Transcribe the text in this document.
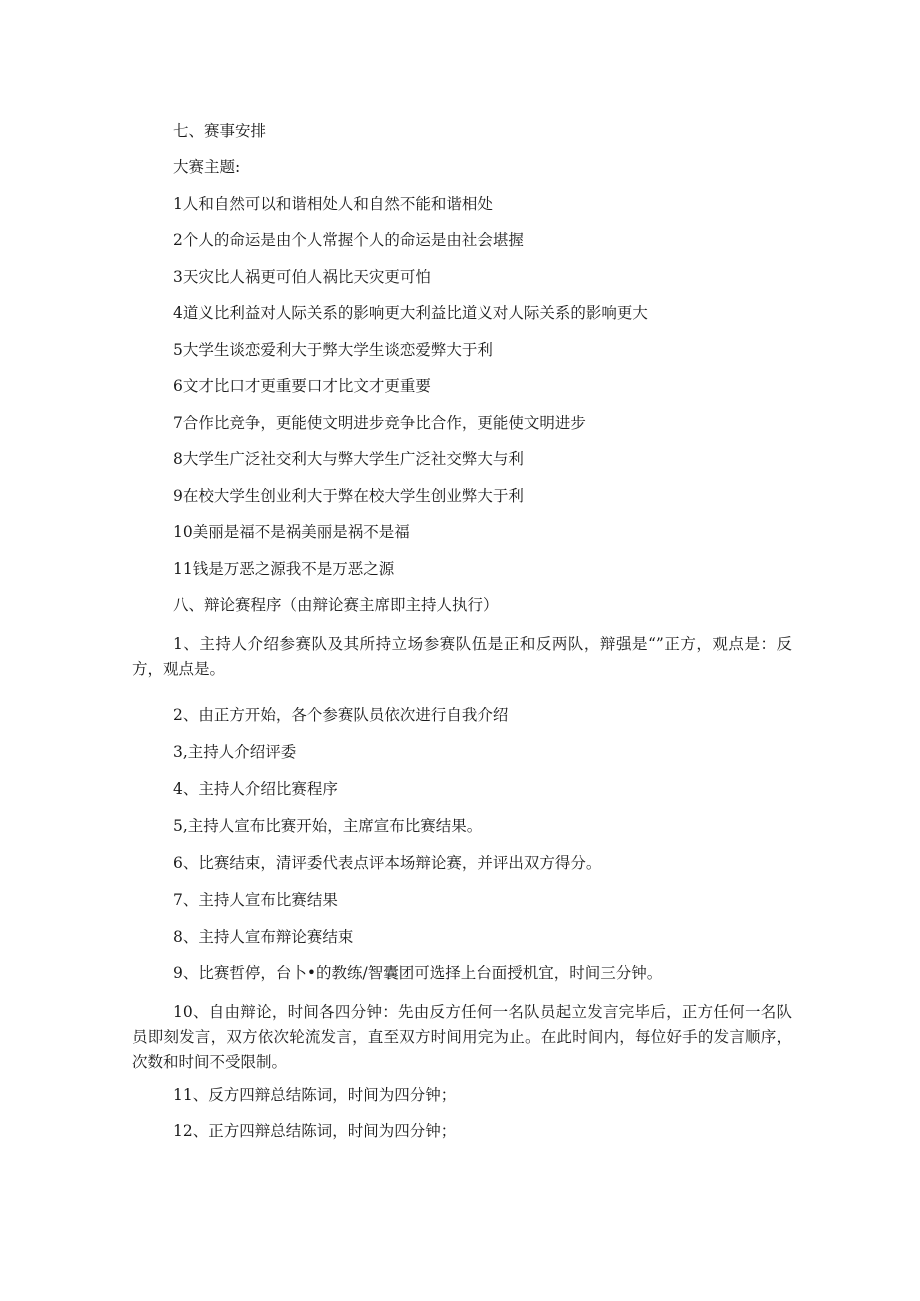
七、赛事安排
大赛主题:
1人和自然可以和谐相处人和自然不能和谐相处
2个人的命运是由个人常握个人的命运是由社会堪握
3天灾比人祸更可伯人祸比天灾更可怕
4道义比利益对人际关系的影响更大利益比道义对人际关系的影响更大
5大学生谈恋爱利大于弊大学生谈恋爱弊大于利
6文才比口才更重要口才比文才更重要
7合作比竞争，更能使文明进步竞争比合作，更能使文明进步
8大学生广泛社交利大与弊大学生广泛社交弊大与利
9在校大学生创业利大于弊在校大学生创业弊大于利
10美丽是福不是祸美丽是祸不是福
11钱是万恶之源我不是万恶之源
八、辩论赛程序（由辩论赛主席即主持人执行）
1、主持人介绍参赛队及其所持立场参赛队伍是正和反两队，辩强是“”正方，观点是：反方，观点是。
2、由正方开始，各个参赛队员依次进行自我介绍
3,主持人介绍评委
4、主持人介绍比赛程序
5,主持人宣布比赛开始，主席宣布比赛结果。
6、比赛结束，清评委代表点评本场辩论赛，并评出双方得分。
7、主持人宣布比赛结果
8、主持人宣布辩论赛结束
9、比赛哲停，台卜•的教练/智囊团可选择上台面授机宜，时间三分钟。
10、自由辩论，时间各四分钟：先由反方任何一名队员起立发言完毕后，正方任何一名队员即刻发言，双方依次轮流发言，直至双方时间用完为止。在此时间内，每位好手的发言顺序，次数和时间不受限制。
11、反方四辩总结陈词，时间为四分钟；
12、正方四辩总结陈词，时间为四分钟；
